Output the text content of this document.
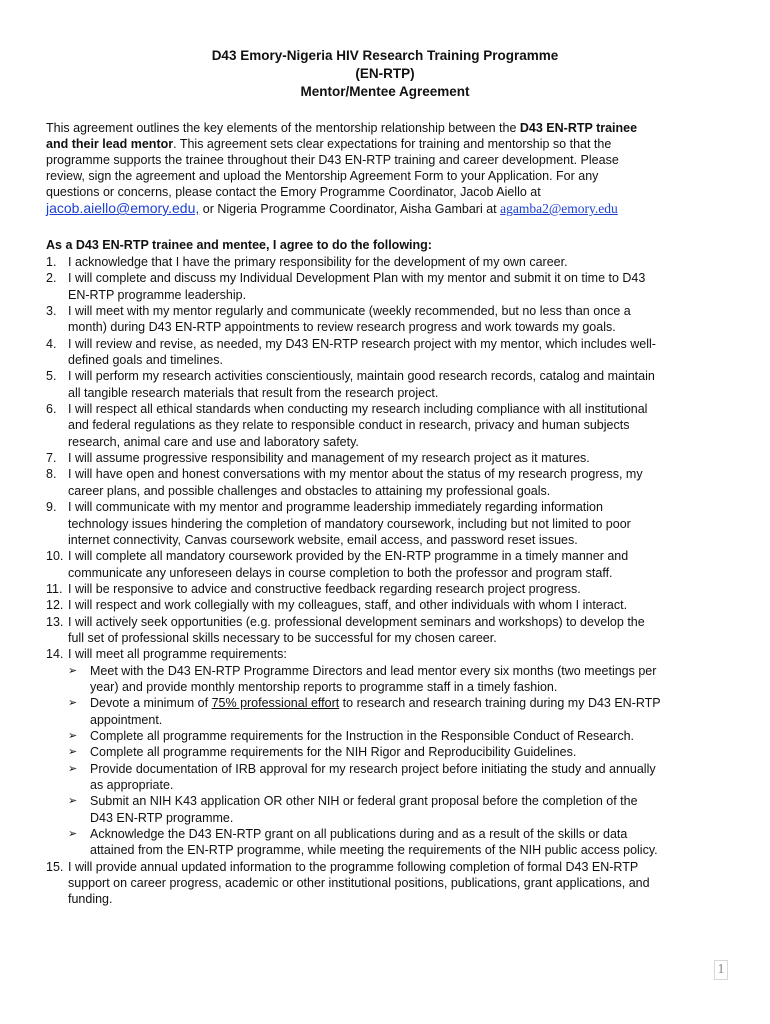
D43 Emory-Nigeria HIV Research Training Programme
(EN-RTP)
Mentor/Mentee Agreement
This agreement outlines the key elements of the mentorship relationship between the D43 EN-RTP trainee
and their lead mentor. This agreement sets clear expectations for training and mentorship so that the
programme supports the trainee throughout their D43 EN-RTP training and career development. Please
review, sign the agreement and upload the Mentorship Agreement Form to your Application. For any
questions or concerns, please contact the Emory Programme Coordinator, Jacob Aiello at
jacob.aiello@emory.edu, or Nigeria Programme Coordinator, Aisha Gambari at agamba2@emory.edu
As a D43 EN-RTP trainee and mentee, I agree to do the following:
1. I acknowledge that I have the primary responsibility for the development of my own career.
2. I will complete and discuss my Individual Development Plan with my mentor and submit it on time to D43
EN-RTP programme leadership.
3. I will meet with my mentor regularly and communicate (weekly recommended, but no less than once a
month) during D43 EN-RTP appointments to review research progress and work towards my goals.
4. I will review and revise, as needed, my D43 EN-RTP research project with my mentor, which includes well-
defined goals and timelines.
5. I will perform my research activities conscientiously, maintain good research records, catalog and maintain
all tangible research materials that result from the research project.
6. I will respect all ethical standards when conducting my research including compliance with all institutional
and federal regulations as they relate to responsible conduct in research, privacy and human subjects
research, animal care and use and laboratory safety.
7. I will assume progressive responsibility and management of my research project as it matures.
8. I will have open and honest conversations with my mentor about the status of my research progress, my
career plans, and possible challenges and obstacles to attaining my professional goals.
9. I will communicate with my mentor and programme leadership immediately regarding information
technology issues hindering the completion of mandatory coursework, including but not limited to poor
internet connectivity, Canvas coursework website, email access, and password reset issues.
10. I will complete all mandatory coursework provided by the EN-RTP programme in a timely manner and
communicate any unforeseen delays in course completion to both the professor and program staff.
11. I will be responsive to advice and constructive feedback regarding research project progress.
12. I will respect and work collegially with my colleagues, staff, and other individuals with whom I interact.
13. I will actively seek opportunities (e.g. professional development seminars and workshops) to develop the
full set of professional skills necessary to be successful for my chosen career.
14. I will meet all programme requirements:
➢ Meet with the D43 EN-RTP Programme Directors and lead mentor every six months (two meetings per
year) and provide monthly mentorship reports to programme staff in a timely fashion.
➢ Devote a minimum of 75% professional effort to research and research training during my D43 EN-RTP
appointment.
➢ Complete all programme requirements for the Instruction in the Responsible Conduct of Research.
➢ Complete all programme requirements for the NIH Rigor and Reproducibility Guidelines.
➢ Provide documentation of IRB approval for my research project before initiating the study and annually
as appropriate.
➢ Submit an NIH K43 application OR other NIH or federal grant proposal before the completion of the
D43 EN-RTP programme.
➢ Acknowledge the D43 EN-RTP grant on all publications during and as a result of the skills or data
attained from the EN-RTP programme, while meeting the requirements of the NIH public access policy.
15. I will provide annual updated information to the programme following completion of formal D43 EN-RTP
support on career progress, academic or other institutional positions, publications, grant applications, and
funding.
1
